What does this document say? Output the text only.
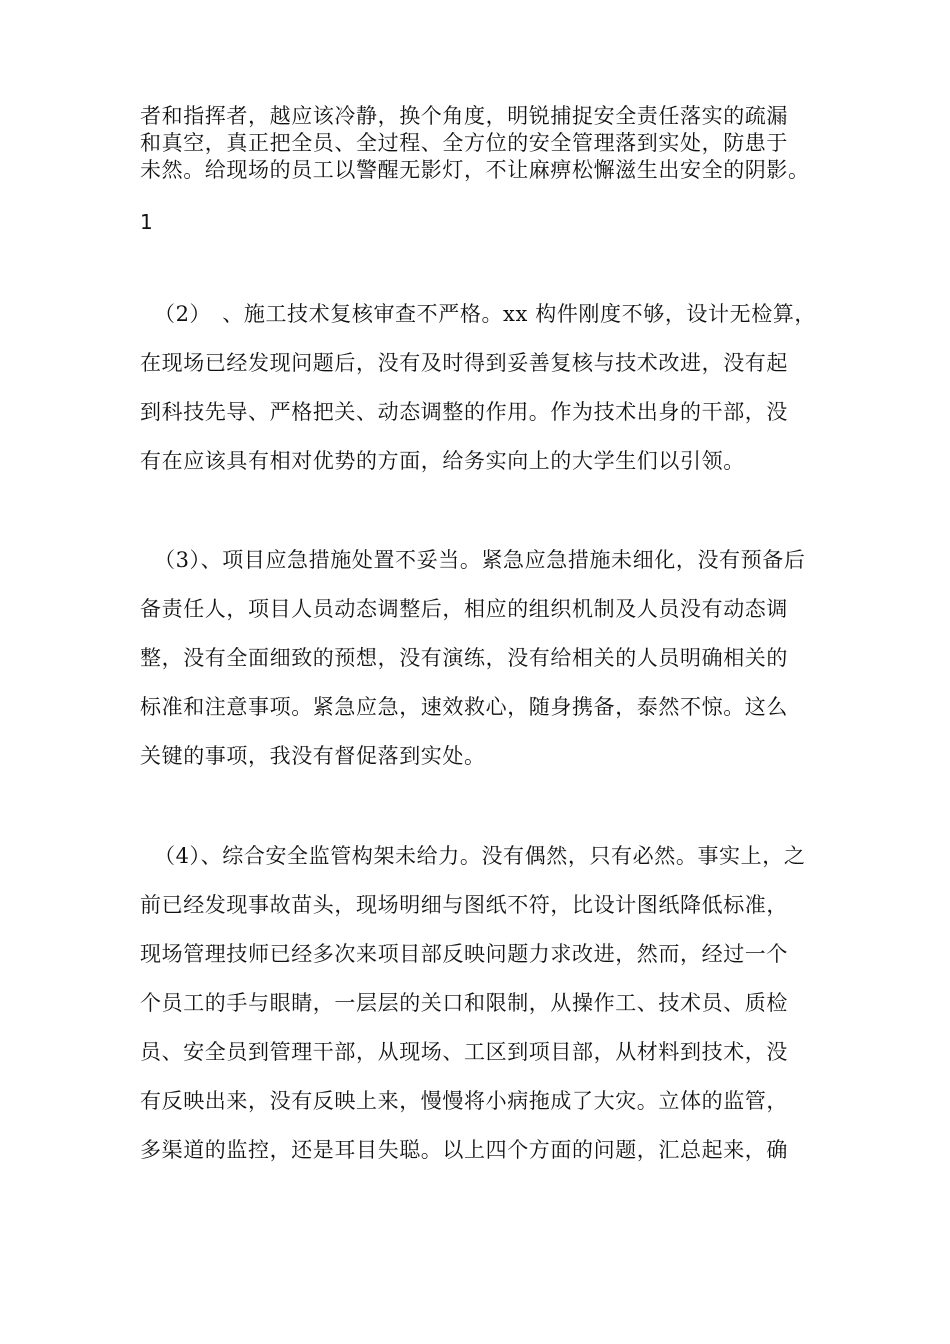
者和指挥者，越应该冷静，换个角度，明锐捕捉安全责任落实的疏漏
和真空，真正把全员、全过程、全方位的安全管理落到实处，防患于
未然。给现场的员工以警醒无影灯，不让麻痹松懈滋生出安全的阴影。
1
（2）　、施工技术复核审查不严格。xx 构件刚度不够，设计无检算，
在现场已经发现问题后，没有及时得到妥善复核与技术改进，没有起
到科技先导、严格把关、动态调整的作用。作为技术出身的干部，没
有在应该具有相对优势的方面，给务实向上的大学生们以引领。
（3）、项目应急措施处置不妥当。紧急应急措施未细化，没有预备后
备责任人，项目人员动态调整后，相应的组织机制及人员没有动态调
整，没有全面细致的预想，没有演练，没有给相关的人员明确相关的
标准和注意事项。紧急应急，速效救心，随身携备，泰然不惊。这么
关键的事项，我没有督促落到实处。
（4）、综合安全监管构架未给力。没有偶然，只有必然。事实上，之
前已经发现事故苗头，现场明细与图纸不符，比设计图纸降低标准，
现场管理技师已经多次来项目部反映问题力求改进，然而，经过一个
个员工的手与眼睛，一层层的关口和限制，从操作工、技术员、质检
员、安全员到管理干部，从现场、工区到项目部，从材料到技术，没
有反映出来，没有反映上来，慢慢将小病拖成了大灾。立体的监管，
多渠道的监控，还是耳目失聪。以上四个方面的问题，汇总起来，确
